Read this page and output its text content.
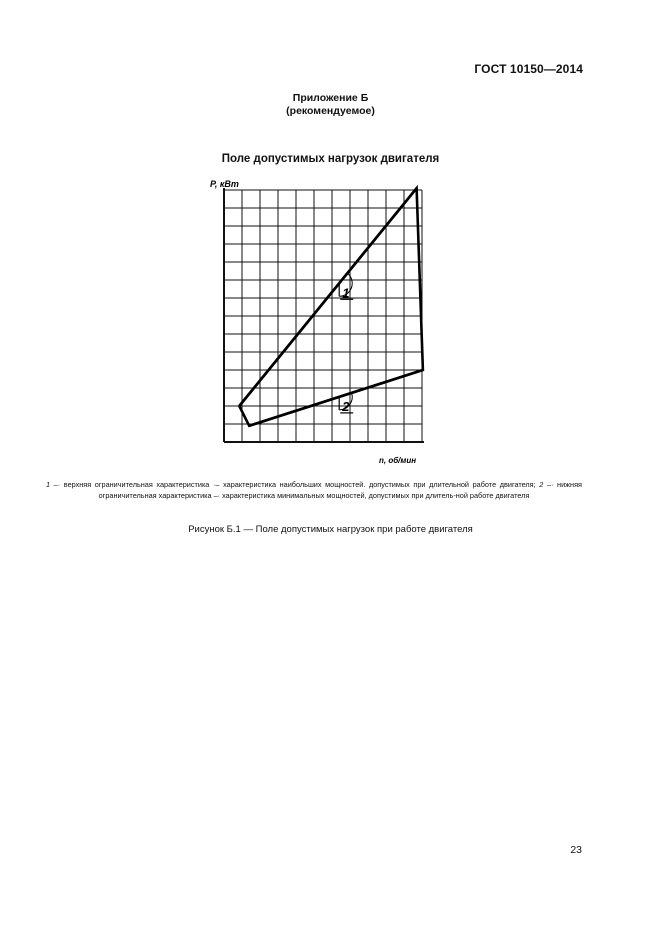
ГОСТ 10150—2014
Приложение Б
(рекомендуемое)
Поле допустимых нагрузок двигателя
1
2
P, кВт
n, об/мин
1 –· верхняя ограничительная характеристика ·– характеристика наибольших мощностей. допустимых при длительной работе двигателя; 2 –· нижняя ограничительная характеристика –· характеристика минимальных мощностей, допустимых при длитель-ной работе двигателя
Рисунок Б.1 — Поле допустимых нагрузок при работе двигателя
23
